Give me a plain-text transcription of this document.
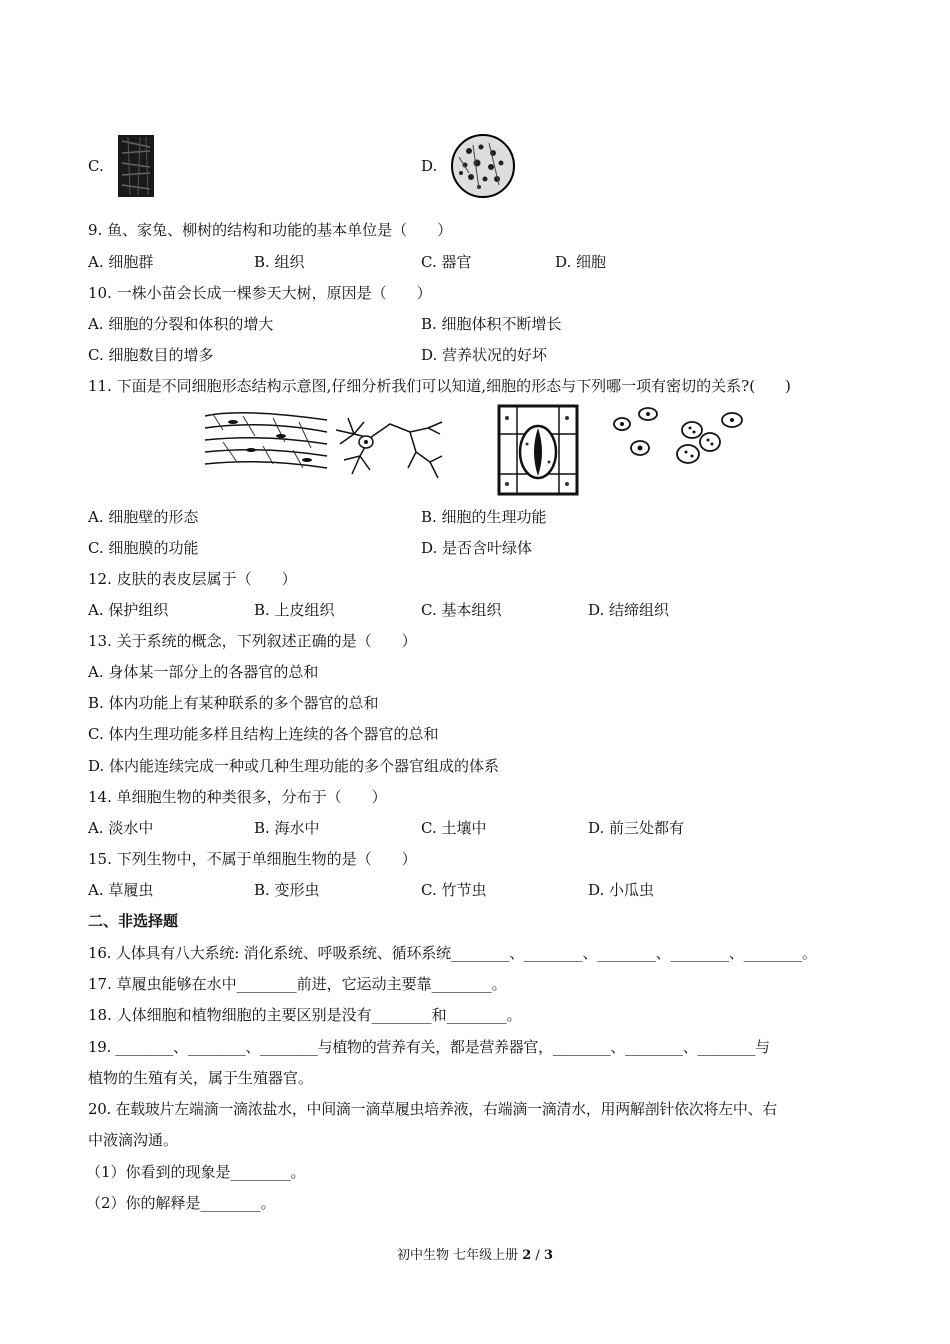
C.	D.
9. 鱼、家兔、柳树的结构和功能的基本单位是（　　）
A. 细胞群	B. 组织	C. 器官	D. 细胞
10. 一株小苗会长成一棵参天大树，原因是（　　）
A. 细胞的分裂和体积的增大	B. 细胞体积不断增长
C. 细胞数目的增多	D. 营养状况的好坏
11. 下面是不同细胞形态结构示意图,仔细分析我们可以知道,细胞的形态与下列哪一项有密切的关系?(　　)
A. 细胞壁的形态	B. 细胞的生理功能
C. 细胞膜的功能	D. 是否含叶绿体
12. 皮肤的表皮层属于（　　）
A. 保护组织	B. 上皮组织	C. 基本组织	D. 结缔组织
13. 关于系统的概念，下列叙述正确的是（　　）
A. 身体某一部分上的各器官的总和
B. 体内功能上有某种联系的多个器官的总和
C. 体内生理功能多样且结构上连续的各个器官的总和
D. 体内能连续完成一种或几种生理功能的多个器官组成的体系
14. 单细胞生物的种类很多，分布于（　　）
A. 淡水中	B. 海水中	C. 土壤中	D. 前三处都有
15. 下列生物中，不属于单细胞生物的是（　　）
A. 草履虫	B. 变形虫	C. 竹节虫	D. 小瓜虫
二、非选择题
16. 人体具有八大系统: 消化系统、呼吸系统、循环系统________、________、________、________、________。
17. 草履虫能够在水中________前进，它运动主要靠________。
18. 人体细胞和植物细胞的主要区别是没有________和________。
19. ________、________、________与植物的营养有关，都是营养器官，________、________、________与
植物的生殖有关，属于生殖器官。
20. 在载玻片左端滴一滴浓盐水，中间滴一滴草履虫培养液，右端滴一滴清水，用两解剖针依次将左中、右
中液滴沟通。
（1）你看到的现象是________。
（2）你的解释是________。
初中生物 七年级上册 2 / 3
